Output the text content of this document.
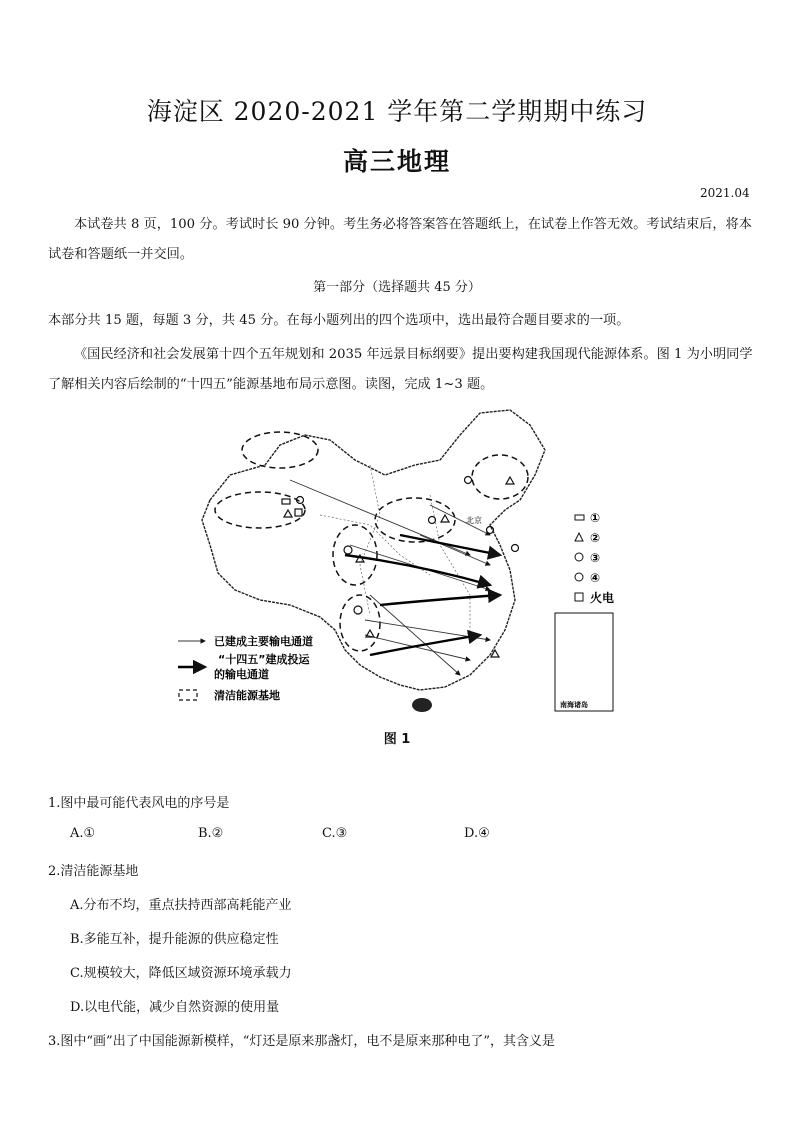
海淀区 2020-2021 学年第二学期期中练习
高三地理
2021.04
本试卷共 8 页，100 分。考试时长 90 分钟。考生务必将答案答在答题纸上，在试卷上作答无效。考试结束后，将本试卷和答题纸一并交回。
第一部分（选择题共 45 分）
本部分共 15 题，每题 3 分，共 45 分。在每小题列出的四个选项中，选出最符合题目要求的一项。
《国民经济和社会发展第十四个五年规划和 2035 年远景目标纲要》提出要构建我国现代能源体系。图 1 为小明同学了解相关内容后绘制的“十四五”能源基地布局示意图。读图，完成 1~3 题。
北京	①
②
③
④
火电
南海诸岛
已建成主要输电通道
“十四五”建成投运
的输电通道
清洁能源基地
图 1
1.图中最可能代表风电的序号是
A.①	B.②	C.③	D.④
2.清洁能源基地
A.分布不均，重点扶持西部高耗能产业
B.多能互补，提升能源的供应稳定性
C.规模较大，降低区域资源环境承载力
D.以电代能，减少自然资源的使用量
3.图中“画”出了中国能源新模样，“灯还是原来那盏灯，电不是原来那种电了”，其含义是
